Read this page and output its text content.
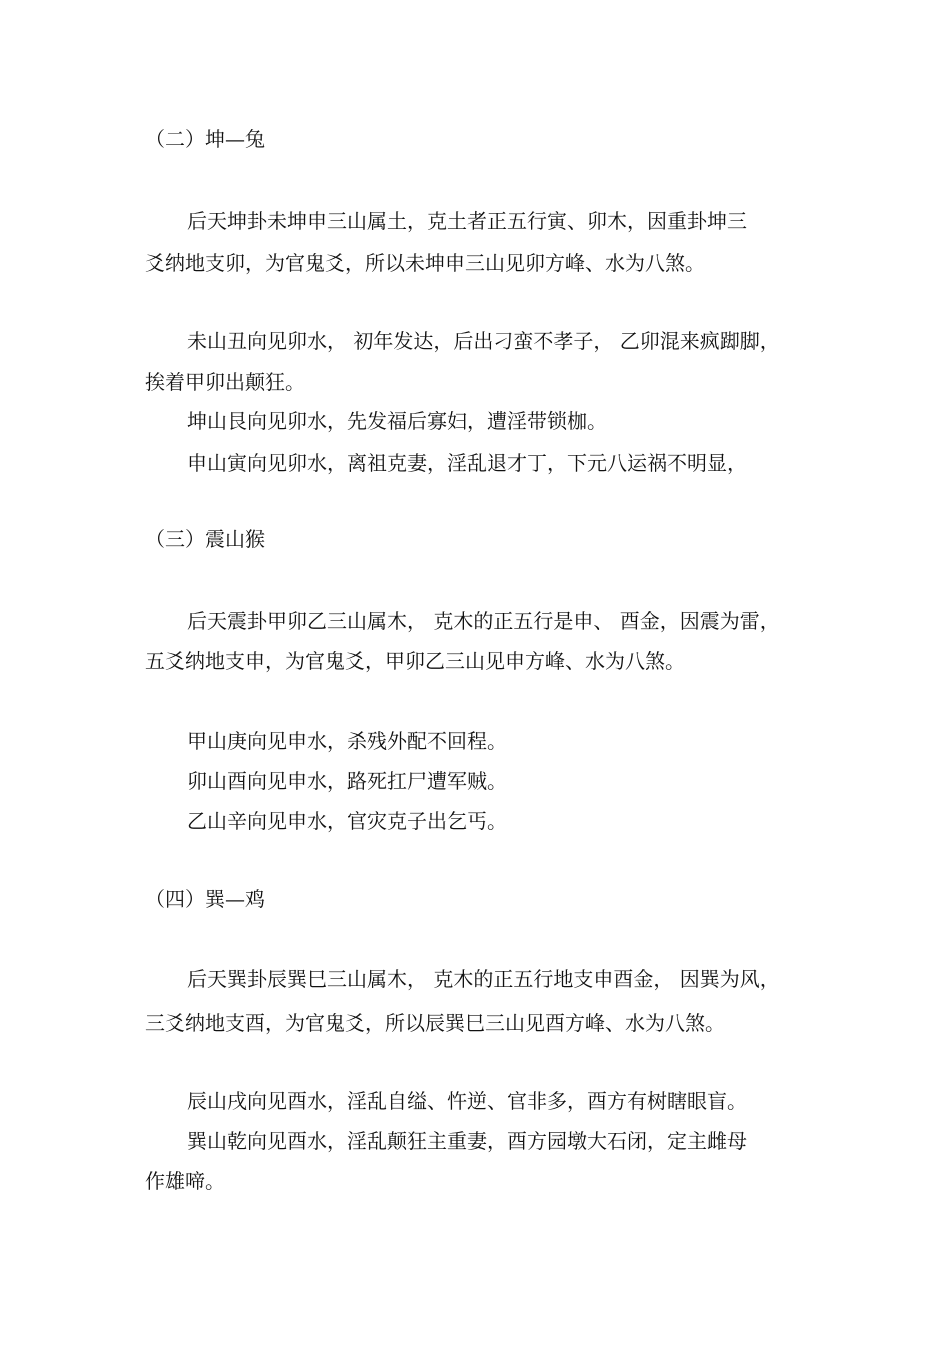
（二）坤—兔
后天坤卦未坤申三山属土，克土者正五行寅、卯木，因重卦坤三
爻纳地支卯，为官鬼爻，所以未坤申三山见卯方峰、水为八煞。
未山丑向见卯水， 初年发达，后出刁蛮不孝子， 乙卯混来疯踋脚，
挨着甲卯出颠狂。
坤山艮向见卯水，先发福后寡妇，遭淫带锁枷。
申山寅向见卯水，离祖克妻，淫乱退才丁，下元八运祸不明显，
（三）震山猴
后天震卦甲卯乙三山属木， 克木的正五行是申、 酉金，因震为雷，
五爻纳地支申，为官鬼爻，甲卯乙三山见申方峰、水为八煞。
甲山庚向见申水，杀残外配不回程。
卯山酉向见申水，路死扛尸遭军贼。
乙山辛向见申水，官灾克子出乞丐。
（四）巽—鸡
后天巽卦辰巽巳三山属木， 克木的正五行地支申酉金， 因巽为风，
三爻纳地支酉，为官鬼爻，所以辰巽巳三山见酉方峰、水为八煞。
辰山戌向见酉水，淫乱自缢、忤逆、官非多，酉方有树瞎眼盲。
巽山乾向见酉水，淫乱颠狂主重妻，酉方园墩大石闭，定主雌母
作雄啼。
